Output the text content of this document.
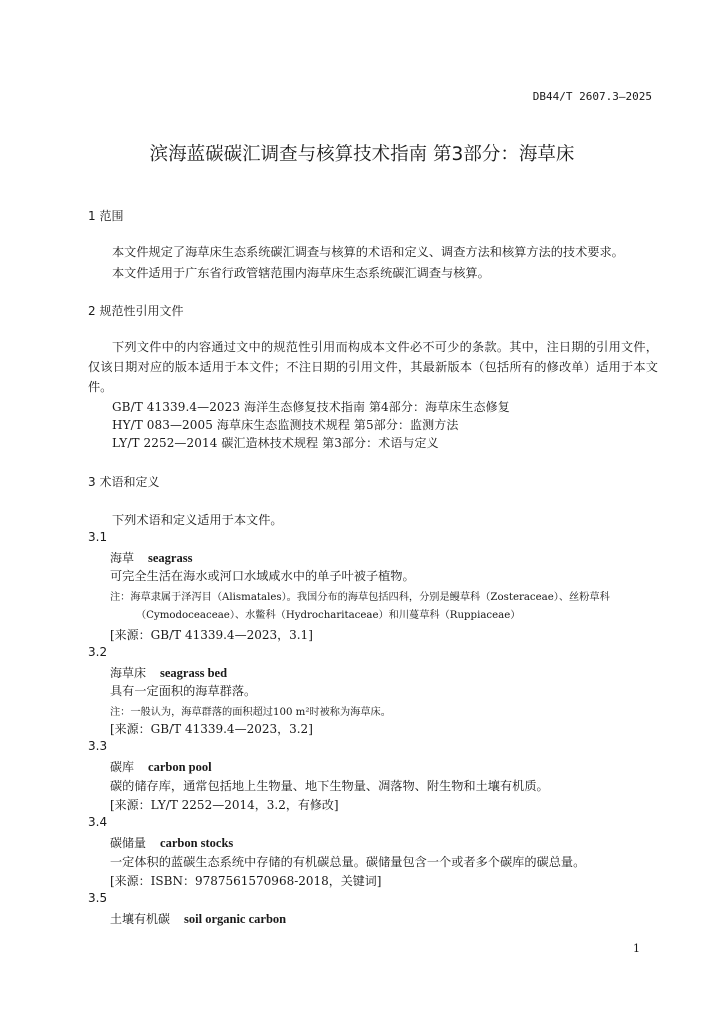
DB44/T 2607.3—2025
滨海蓝碳碳汇调查与核算技术指南 第3部分：海草床
1 范围
本文件规定了海草床生态系统碳汇调查与核算的术语和定义、调查方法和核算方法的技术要求。
本文件适用于广东省行政管辖范围内海草床生态系统碳汇调查与核算。
2 规范性引用文件
下列文件中的内容通过文中的规范性引用而构成本文件必不可少的条款。其中，注日期的引用文件，仅该日期对应的版本适用于本文件；不注日期的引用文件，其最新版本（包括所有的修改单）适用于本文件。
GB/T 41339.4—2023 海洋生态修复技术指南 第4部分：海草床生态修复
HY/T 083—2005 海草床生态监测技术规程 第5部分：监测方法
LY/T 2252—2014 碳汇造林技术规程 第3部分：术语与定义
3 术语和定义
下列术语和定义适用于本文件。
3.1
海草 seagrass
可完全生活在海水或河口水域咸水中的单子叶被子植物。
注：海草隶属于泽泻目（Alismatales）。我国分布的海草包括四科，分别是鳗草科（Zosteraceae）、丝粉草科
（Cymodoceaceae）、水鳖科（Hydrocharitaceae）和川蔓草科（Ruppiaceae）
[来源：GB/T 41339.4—2023，3.1]
3.2
海草床 seagrass bed
具有一定面积的海草群落。
注：一般认为，海草群落的面积超过100 m²时被称为海草床。
[来源：GB/T 41339.4—2023，3.2]
3.3
碳库 carbon pool
碳的储存库，通常包括地上生物量、地下生物量、凋落物、附生物和土壤有机质。
[来源：LY/T 2252—2014，3.2，有修改]
3.4
碳储量 carbon stocks
一定体积的蓝碳生态系统中存储的有机碳总量。碳储量包含一个或者多个碳库的碳总量。
[来源：ISBN：9787561570968-2018，关键词]
3.5
土壤有机碳 soil organic carbon
1
